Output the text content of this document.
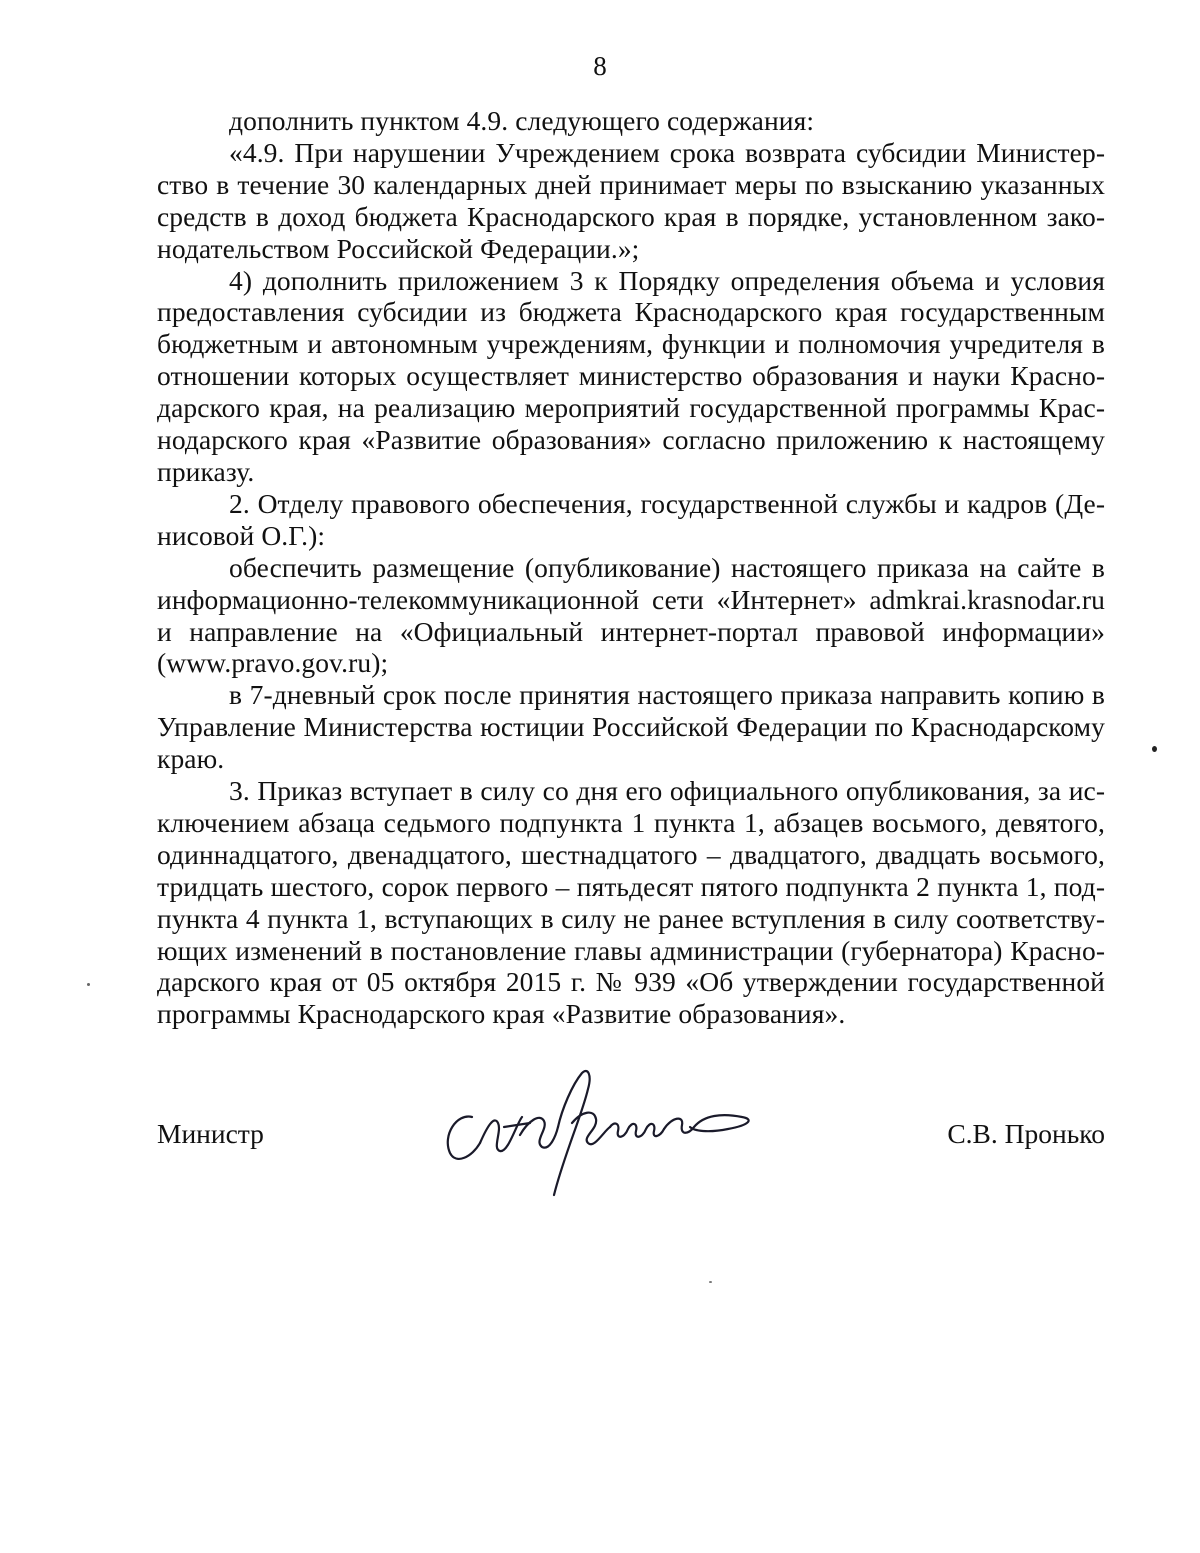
8

дополнить пунктом 4.9. следующего содержания:

«4.9. При нарушении Учреждением срока возврата субсидии Министерство в течение 30 календарных дней принимает меры по взысканию указанных средств в доход бюджета Краснодарского края в порядке, установленном законодательством Российской Федерации.»;

4) дополнить приложением 3 к Порядку определения объема и условия предоставления субсидии из бюджета Краснодарского края государственным бюджетным и автономным учреждениям, функции и полномочия учредителя в отношении которых осуществляет министерство образования и науки Краснодарского края, на реализацию мероприятий государственной программы Краснодарского края «Развитие образования» согласно приложению к настоящему приказу.

2. Отделу правового обеспечения, государственной службы и кадров (Денисовой О.Г.):

обеспечить размещение (опубликование) настоящего приказа на сайте в информационно-телекоммуникационной сети «Интернет» admkrai.krasnodar.ru и направление на «Официальный интернет-портал правовой информации» (www.pravo.gov.ru);

в 7-дневный срок после принятия настоящего приказа направить копию в Управление Министерства юстиции Российской Федерации по Краснодарскому краю.

3. Приказ вступает в силу со дня его официального опубликования, за исключением абзаца седьмого подпункта 1 пункта 1, абзацев восьмого, девятого, одиннадцатого, двенадцатого, шестнадцатого – двадцатого, двадцать восьмого, тридцать шестого, сорок первого – пятьдесят пятого подпункта 2 пункта 1, подпункта 4 пункта 1, вступающих в силу не ранее вступления в силу соответствующих изменений в постановление главы администрации (губернатора) Краснодарского края от 05 октября 2015 г. № 939 «Об утверждении государственной программы Краснодарского края «Развитие образования».

Министр	С.В. Пронько
